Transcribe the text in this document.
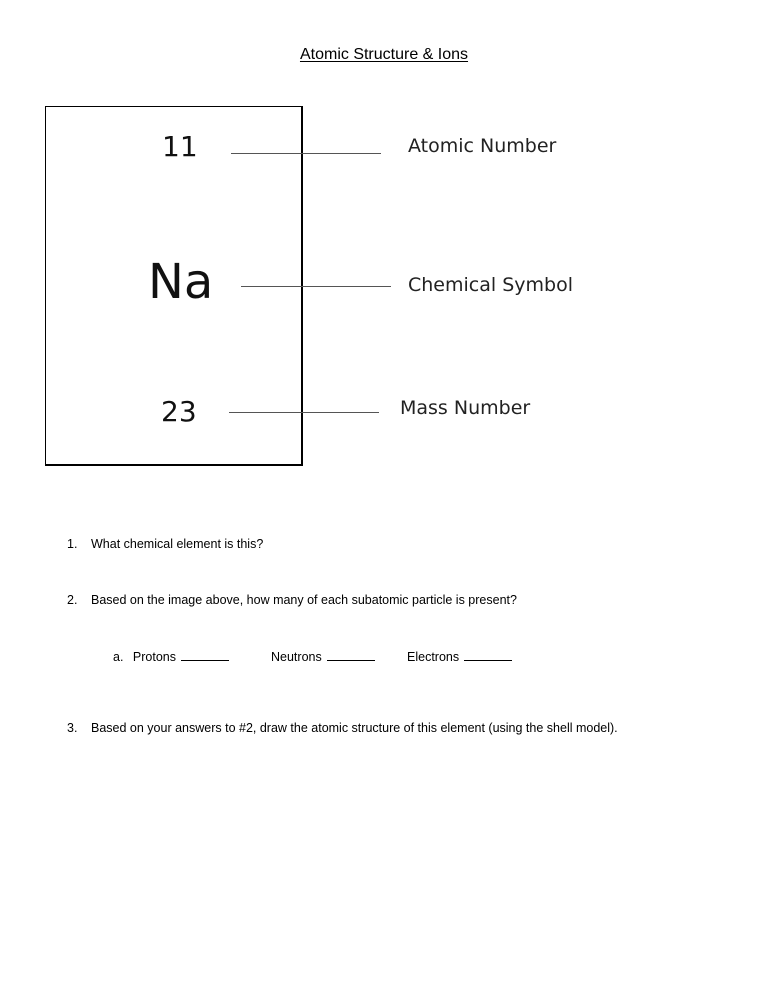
Atomic Structure & Ions
11
Na
23
Atomic Number
Chemical Symbol
Mass Number
1. What chemical element is this?
2. Based on the image above, how many of each subatomic particle is present?
a. Protons	Neutrons	Electrons
3. Based on your answers to #2, draw the atomic structure of this element (using the shell model).
